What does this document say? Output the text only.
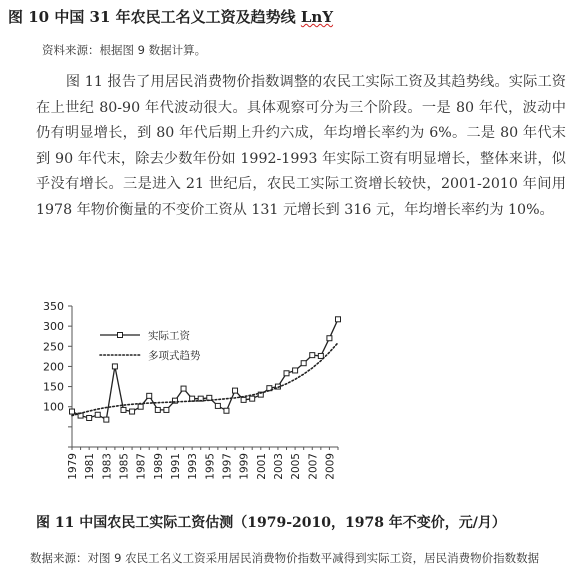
图 10 中国 31 年农民工名义工资及趋势线 LnY

资料来源：根据图 9 数据计算。

图 11 报告了用居民消费物价指数调整的农民工实际工资及其趋势线。实际工资在上世纪 80-90 年代波动很大。具体观察可分为三个阶段。一是 80 年代，波动中仍有明显增长，到 80 年代后期上升约六成，年均增长率约为 6%。二是 80 年代末到 90 年代末，除去少数年份如 1992-1993 年实际工资有明显增长，整体来讲，似乎没有增长。三是进入 21 世纪后，农民工实际工资增长较快，2001-2010 年间用 1978 年物价衡量的不变价工资从 131 元增长到 316 元，年均增长率约为 10%。

100
150
200
250
300
350
1979 1981 1983 1985 1987 1989 1991 1993 1995 1997 1999 2001 2003 2005 2007 2009
实际工资
多项式趋势

图 11 中国农民工实际工资估测（1979-2010，1978 年不变价，元/月）

数据来源：对图 9 农民工名义工资采用居民消费物价指数平减得到实际工资，居民消费物价指数数据
